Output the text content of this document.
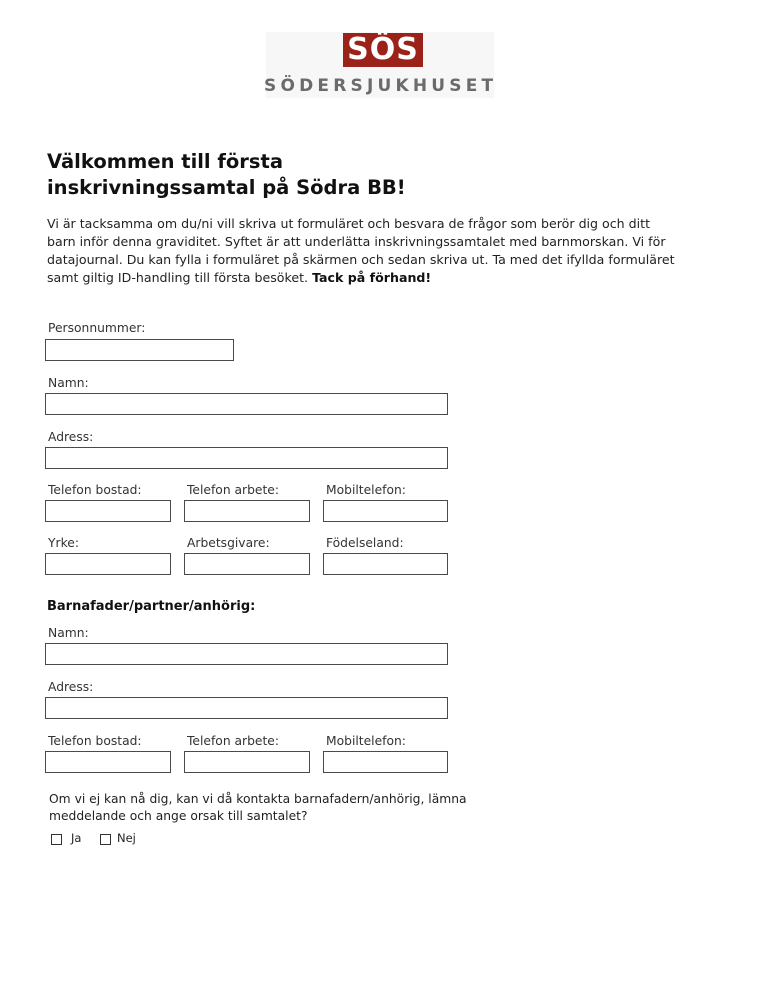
SÖS
SÖDERSJUKHUSET
Välkommen till första
inskrivningssamtal på Södra BB!
Vi är tacksamma om du/ni vill skriva ut formuläret och besvara de frågor som berör dig och ditt barn inför denna graviditet. Syftet är att underlätta inskrivningssamtalet med barnmorskan. Vi för datajournal. Du kan fylla i formuläret på skärmen och sedan skriva ut. Ta med det ifyllda formuläret samt giltig ID-handling till första besöket. Tack på förhand!
Personnummer:
Namn:
Adress:
Telefon bostad:	Telefon arbete:	Mobiltelefon:
Yrke:	Arbetsgivare:	Födelseland:
Barnafader/partner/anhörig:
Namn:
Adress:
Telefon bostad:	Telefon arbete:	Mobiltelefon:
Om vi ej kan nå dig, kan vi då kontakta barnafadern/anhörig, lämna meddelande och ange orsak till samtalet?
Ja	Nej
